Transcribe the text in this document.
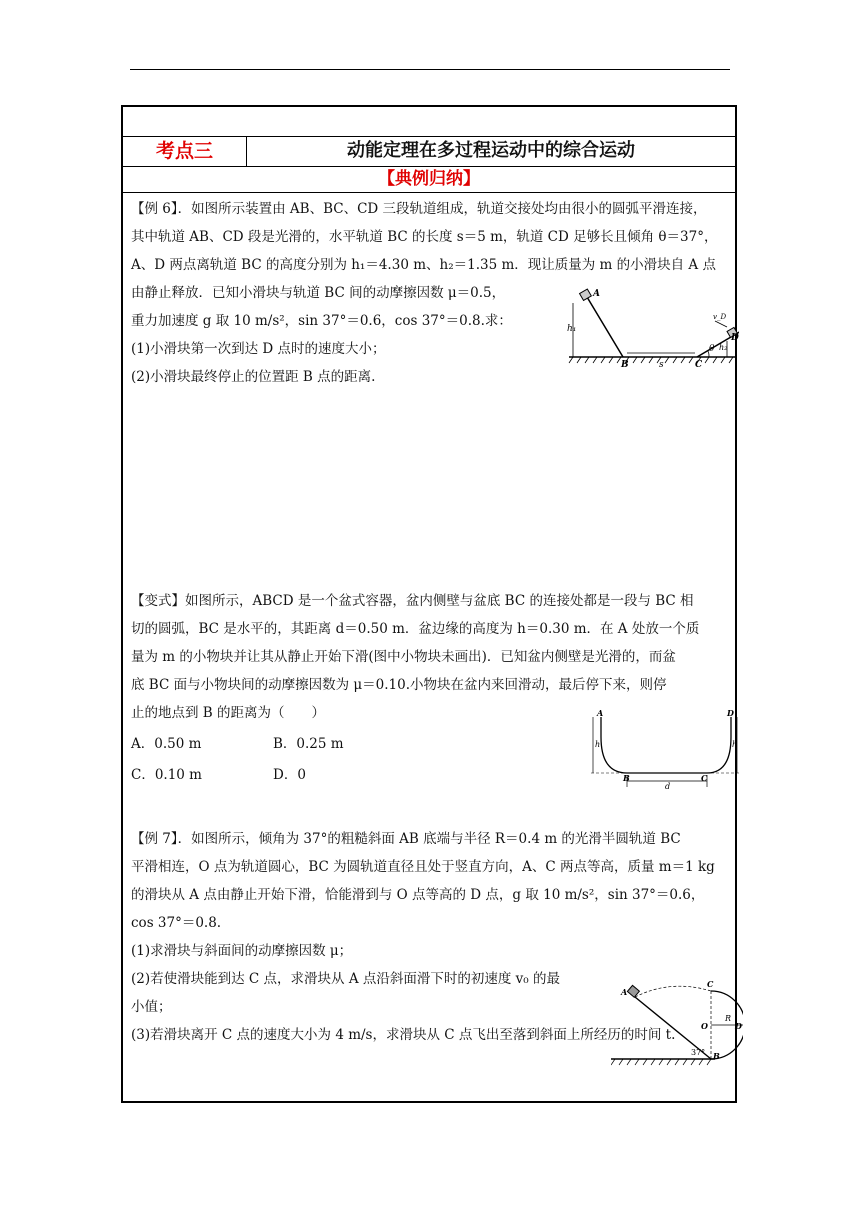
考点三	动能定理在多过程运动中的综合运动
【典例归纳】
【例 6】．如图所示装置由 AB、BC、CD 三段轨道组成，轨道交接处均由很小的圆弧平滑连接，
其中轨道 AB、CD 段是光滑的，水平轨道 BC 的长度 s＝5 m，轨道 CD 足够长且倾角 θ＝37°，
A、D 两点离轨道 BC 的高度分别为 h₁＝4.30 m、h₂＝1.35 m．现让质量为 m 的小滑块自 A 点
由静止释放．已知小滑块与轨道 BC 间的动摩擦因数 μ＝0.5，
重力加速度 g 取 10 m/s²，sin 37°＝0.6，cos 37°＝0.8.求：
(1)小滑块第一次到达 D 点时的速度大小；
(2)小滑块最终停止的位置距 B 点的距离.
A
h₁
B	s	C
θ h₂
D
v_D
【变式】如图所示，ABCD 是一个盆式容器，盆内侧壁与盆底 BC 的连接处都是一段与 BC 相
切的圆弧，BC 是水平的，其距离 d＝0.50 m．盆边缘的高度为 h＝0.30 m．在 A 处放一个质
量为 m 的小物块并让其从静止开始下滑(图中小物块未画出)．已知盆内侧壁是光滑的，而盆
底 BC 面与小物块间的动摩擦因数为 μ＝0.10.小物块在盆内来回滑动，最后停下来，则停
止的地点到 B 的距离为（　　）
A．0.50 m	B．0.25 m
C．0.10 m	D．0
A	D
h	h
B	C
d
【例 7】．如图所示，倾角为 37°的粗糙斜面 AB 底端与半径 R＝0.4 m 的光滑半圆轨道 BC
平滑相连，O 点为轨道圆心，BC 为圆轨道直径且处于竖直方向，A、C 两点等高，质量 m＝1 kg
的滑块从 A 点由静止开始下滑，恰能滑到与 O 点等高的 D 点，g 取 10 m/s²，sin 37°＝0.6，
cos 37°＝0.8.
(1)求滑块与斜面间的动摩擦因数 μ；
(2)若使滑块能到达 C 点，求滑块从 A 点沿斜面滑下时的初速度 v₀ 的最
小值；
(3)若滑块离开 C 点的速度大小为 4 m/s，求滑块从 C 点飞出至落到斜面上所经历的时间 t.
A
C
O
R
D
B
37°
